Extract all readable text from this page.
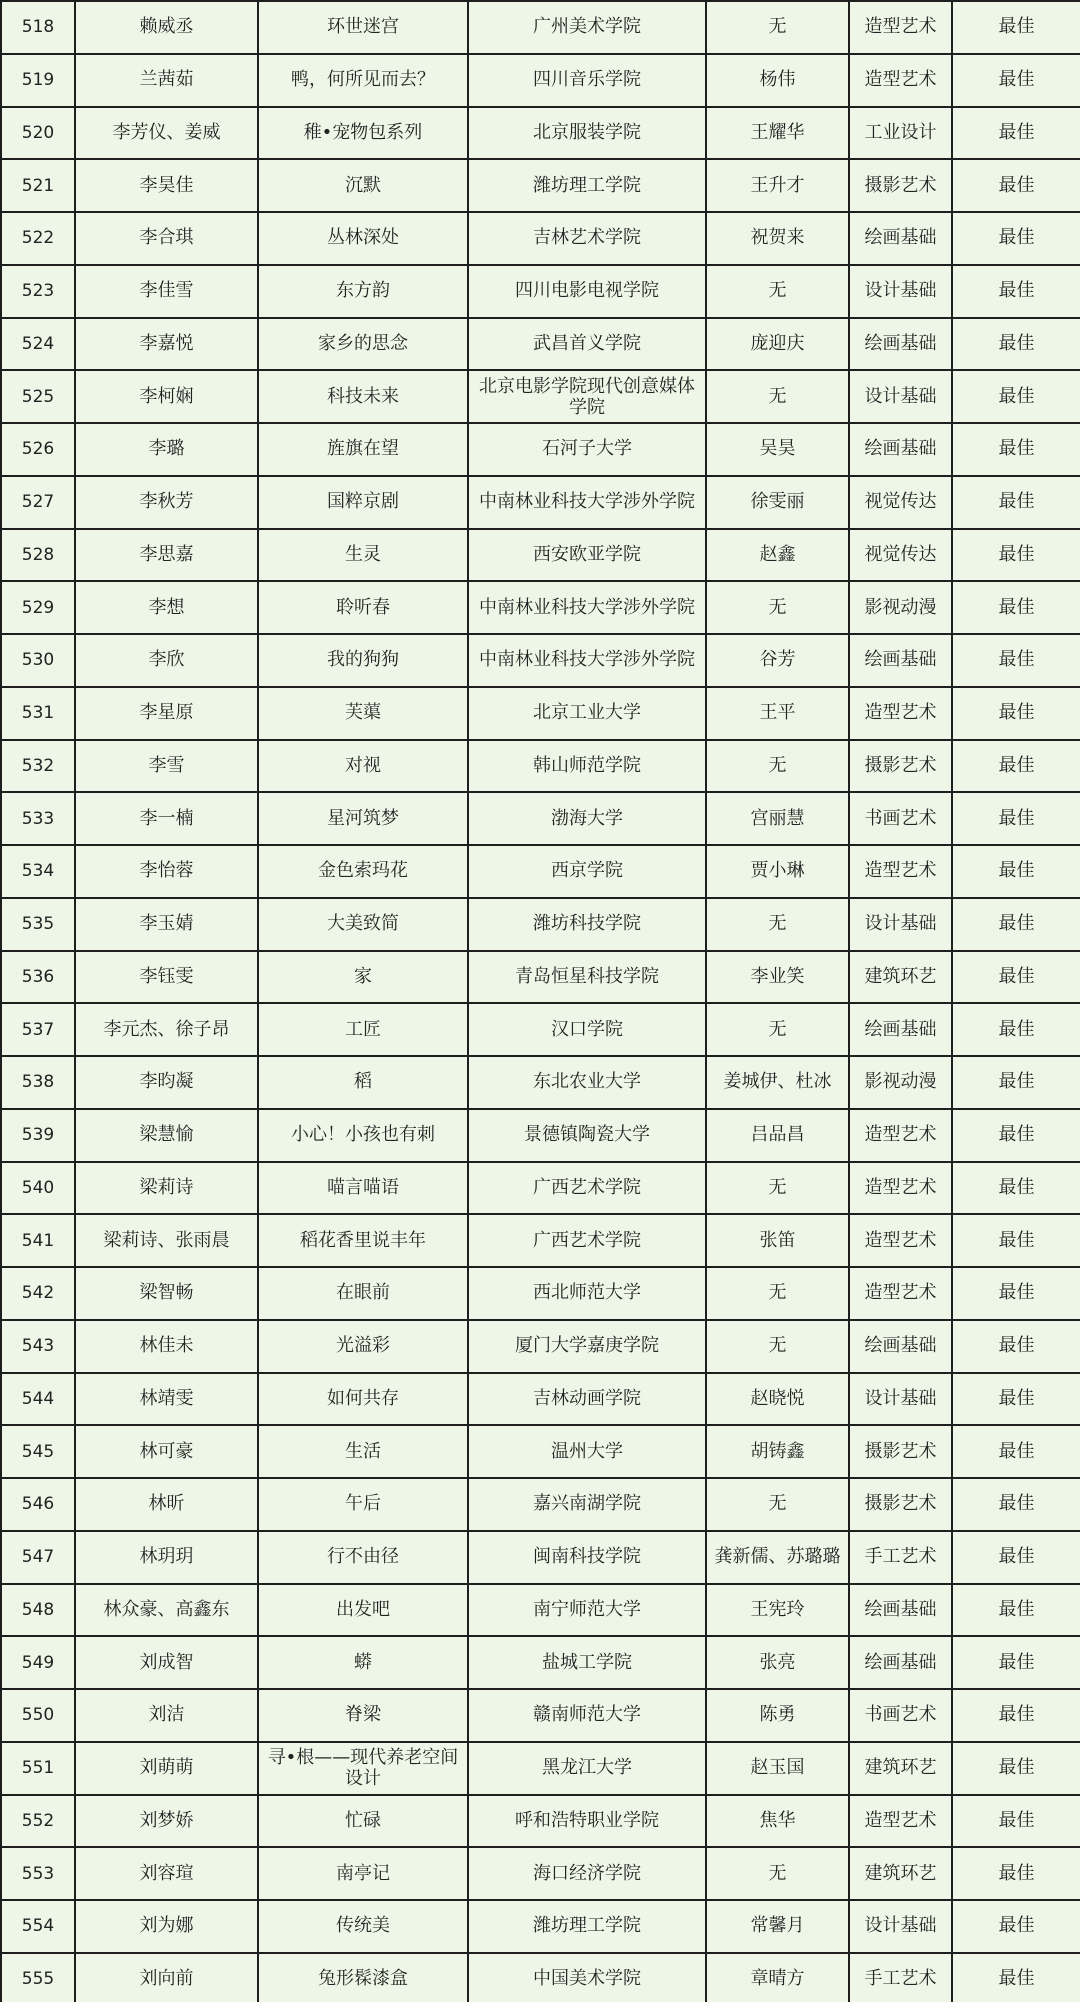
518	赖威丞	环世迷宫	广州美术学院	无	造型艺术	最佳
519	兰茜茹	鸭，何所见而去？	四川音乐学院	杨伟	造型艺术	最佳
520	李芳仪、姜威	稚•宠物包系列	北京服装学院	王耀华	工业设计	最佳
521	李昊佳	沉默	潍坊理工学院	王升才	摄影艺术	最佳
522	李合琪	丛林深处	吉林艺术学院	祝贺来	绘画基础	最佳
523	李佳雪	东方韵	四川电影电视学院	无	设计基础	最佳
524	李嘉悦	家乡的思念	武昌首义学院	庞迎庆	绘画基础	最佳
525	李柯娴	科技未来	北京电影学院现代创意媒体学院	无	设计基础	最佳
526	李璐	旌旗在望	石河子大学	吴昊	绘画基础	最佳
527	李秋芳	国粹京剧	中南林业科技大学涉外学院	徐雯丽	视觉传达	最佳
528	李思嘉	生灵	西安欧亚学院	赵鑫	视觉传达	最佳
529	李想	聆听春	中南林业科技大学涉外学院	无	影视动漫	最佳
530	李欣	我的狗狗	中南林业科技大学涉外学院	谷芳	绘画基础	最佳
531	李星原	芙蕖	北京工业大学	王平	造型艺术	最佳
532	李雪	对视	韩山师范学院	无	摄影艺术	最佳
533	李一楠	星河筑梦	渤海大学	宫丽慧	书画艺术	最佳
534	李怡蓉	金色索玛花	西京学院	贾小琳	造型艺术	最佳
535	李玉婧	大美致简	潍坊科技学院	无	设计基础	最佳
536	李钰雯	家	青岛恒星科技学院	李业笑	建筑环艺	最佳
537	李元杰、徐子昂	工匠	汉口学院	无	绘画基础	最佳
538	李昀凝	稻	东北农业大学	姜城伊、杜冰	影视动漫	最佳
539	梁慧愉	小心！小孩也有刺	景德镇陶瓷大学	吕品昌	造型艺术	最佳
540	梁莉诗	喵言喵语	广西艺术学院	无	造型艺术	最佳
541	梁莉诗、张雨晨	稻花香里说丰年	广西艺术学院	张笛	造型艺术	最佳
542	梁智畅	在眼前	西北师范大学	无	造型艺术	最佳
543	林佳未	光溢彩	厦门大学嘉庚学院	无	绘画基础	最佳
544	林靖雯	如何共存	吉林动画学院	赵晓悦	设计基础	最佳
545	林可豪	生活	温州大学	胡铸鑫	摄影艺术	最佳
546	林昕	午后	嘉兴南湖学院	无	摄影艺术	最佳
547	林玥玥	行不由径	闽南科技学院	龚新儒、苏璐璐	手工艺术	最佳
548	林众豪、高鑫东	出发吧	南宁师范大学	王宪玲	绘画基础	最佳
549	刘成智	蟒	盐城工学院	张亮	绘画基础	最佳
550	刘洁	脊梁	赣南师范大学	陈勇	书画艺术	最佳
551	刘萌萌	寻•根——现代养老空间设计	黑龙江大学	赵玉国	建筑环艺	最佳
552	刘梦娇	忙碌	呼和浩特职业学院	焦华	造型艺术	最佳
553	刘容瑄	南亭记	海口经济学院	无	建筑环艺	最佳
554	刘为娜	传统美	潍坊理工学院	常馨月	设计基础	最佳
555	刘向前	兔形髹漆盒	中国美术学院	章晴方	手工艺术	最佳
